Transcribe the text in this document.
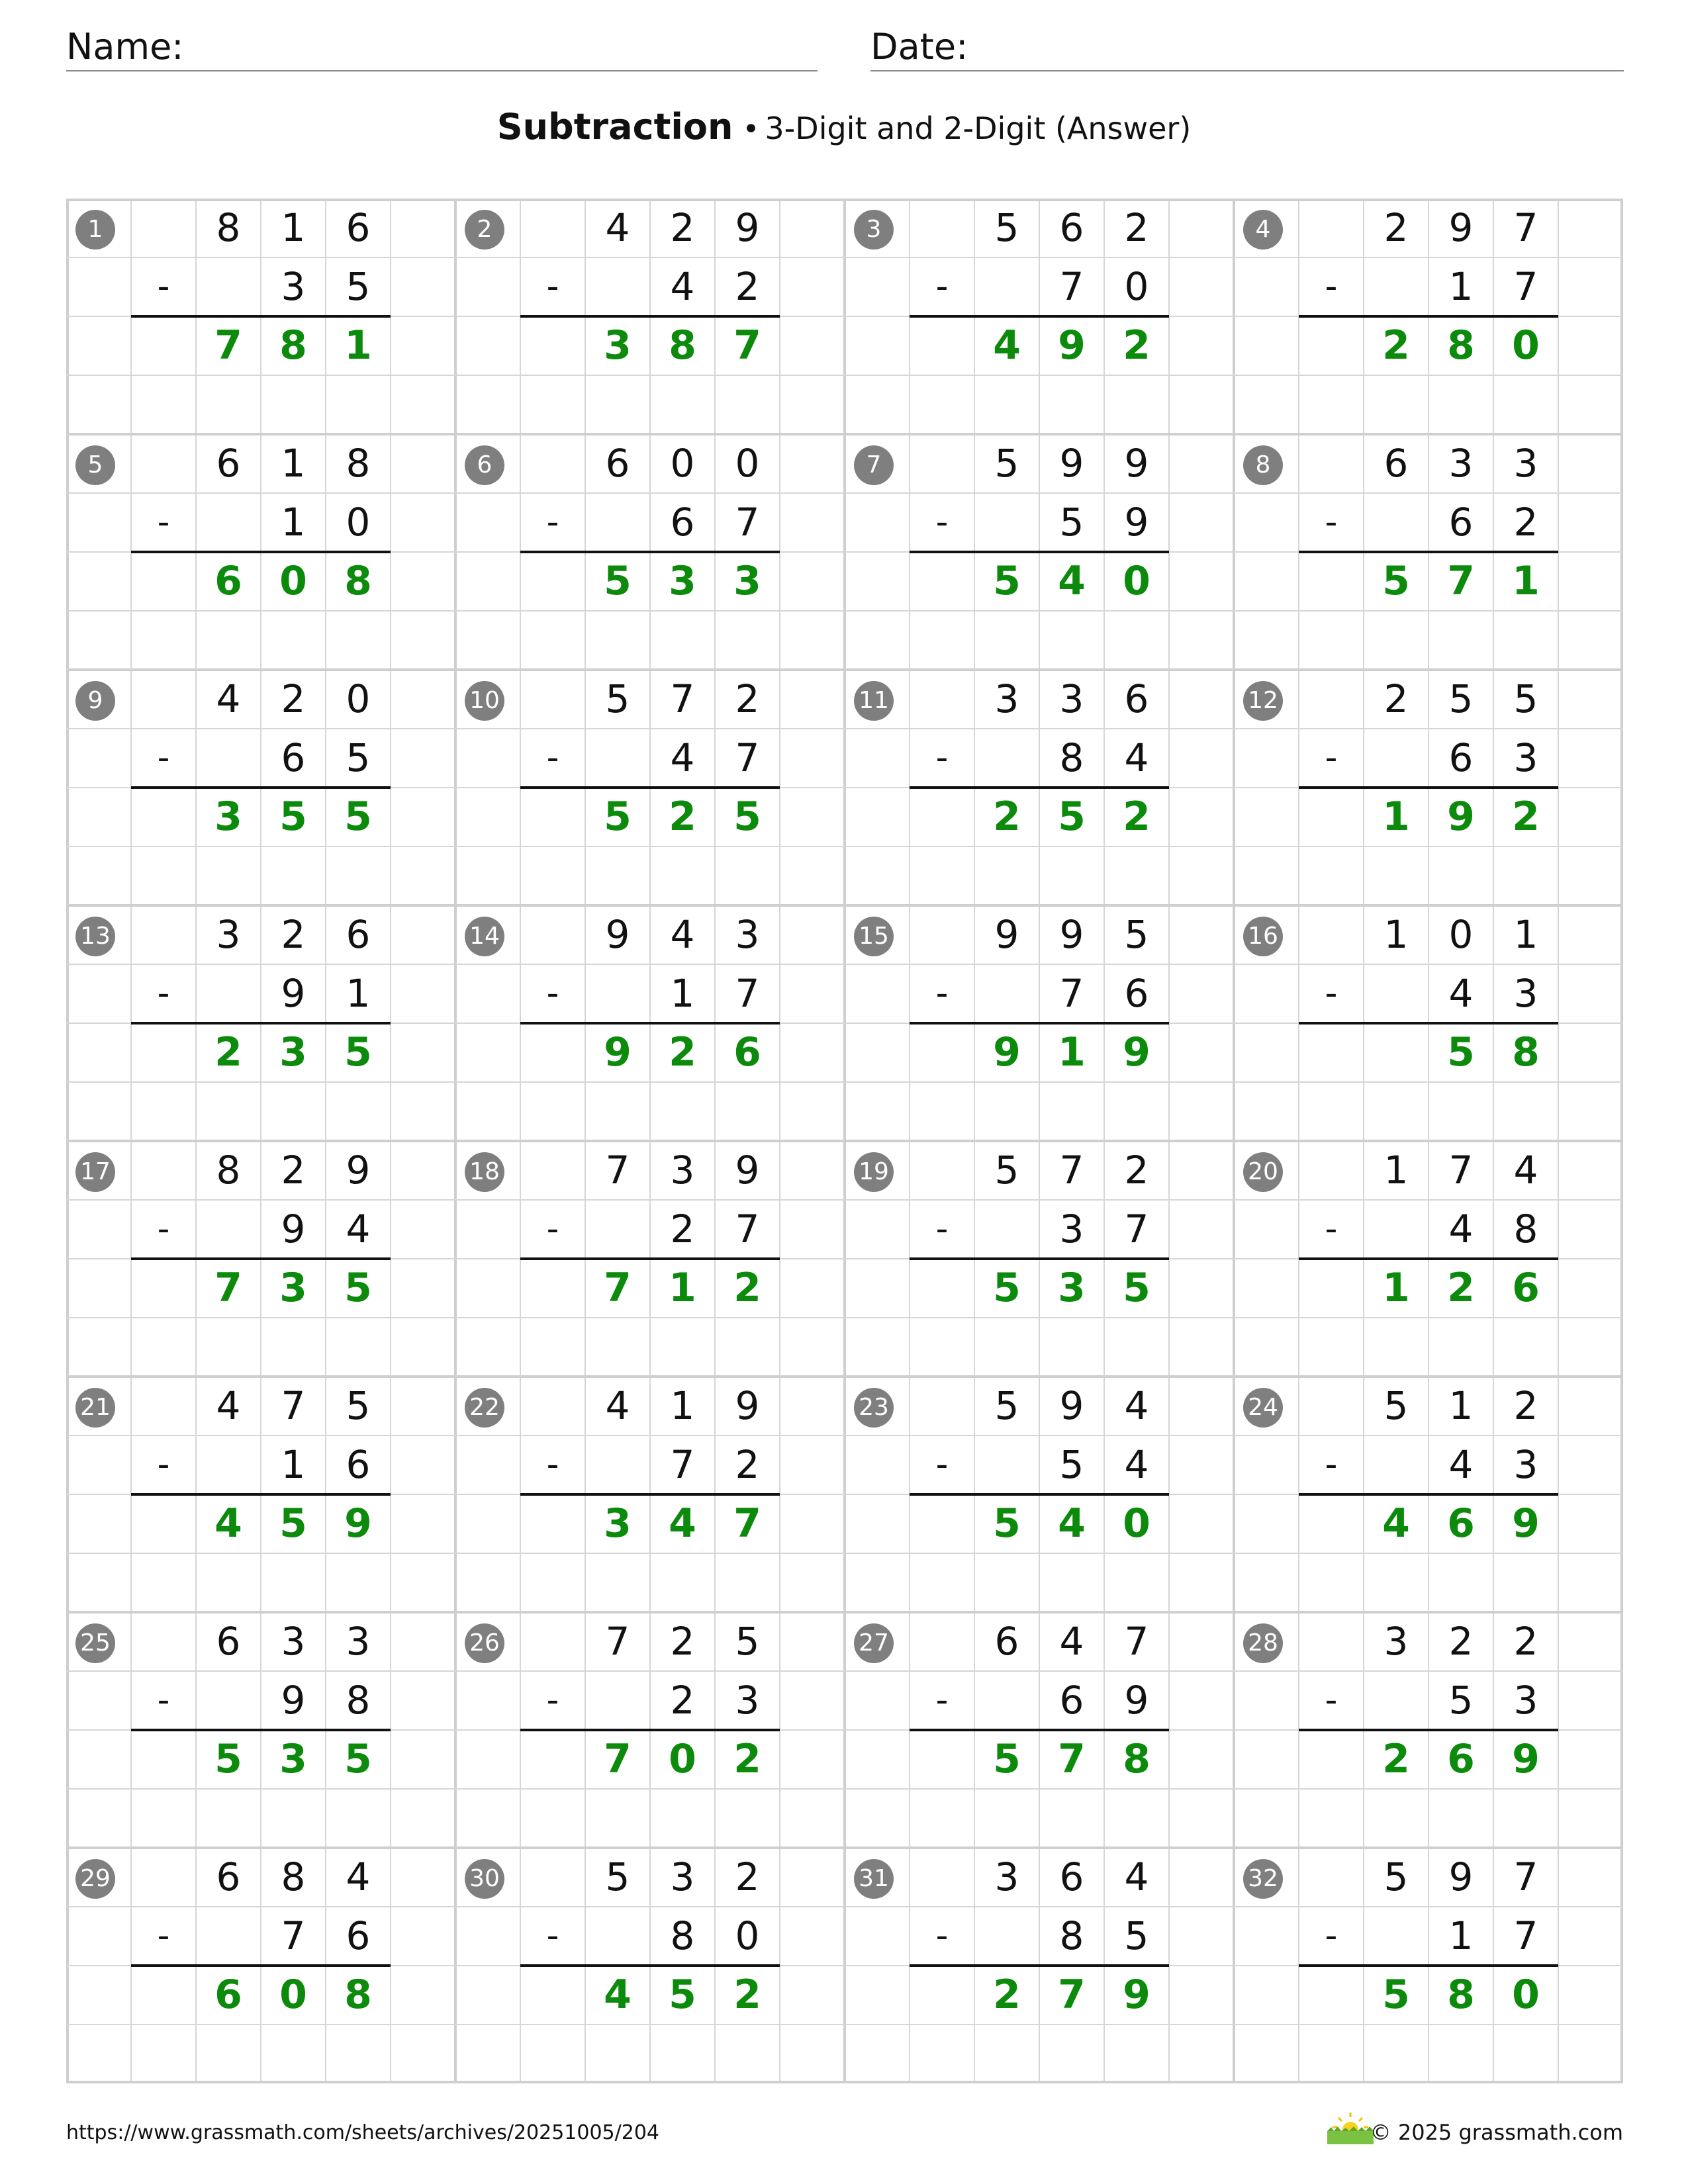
Name:	Date:
Subtraction • 3-Digit and 2-Digit (Answer)
1	8	1	6
-	3	5
7 8 1
2	4	2	9
-	4	2
3 8 7
3	5	6	2
-	7	0
4 9 2
4	2	9	7
-	1	7
2 8 0
5	6	1	8
-	1	0
6 0 8
6	6	0	0
-	6	7
5 3 3
7	5	9	9
-	5	9
5 4 0
8	6	3	3
-	6	2
5 7 1
9	4	2	0
-	6	5
3 5 5
10	5	7	2
-	4	7
5 2 5
11	3	3	6
-	8	4
2 5 2
12	2	5	5
-	6	3
1 9 2
13	3	2	6
-	9	1
2 3 5
14	9	4	3
-	1	7
9 2 6
15	9	9	5
-	7	6
9 1 9
16	1	0	1
-	4	3
5 8
17	8	2	9
-	9	4
7 3 5
18	7	3	9
-	2	7
7 1 2
19	5	7	2
-	3	7
5 3 5
20	1	7	4
-	4	8
1 2 6
21	4	7	5
-	1	6
4 5 9
22	4	1	9
-	7	2
3 4 7
23	5	9	4
-	5	4
5 4 0
24	5	1	2
-	4	3
4 6 9
25	6	3	3
-	9	8
5 3 5
26	7	2	5
-	2	3
7 0 2
27	6	4	7
-	6	9
5 7 8
28	3	2	2
-	5	3
2 6 9
29	6	8	4
-	7	6
6 0 8
30	5	3	2
-	8	0
4 5 2
31	3	6	4
-	8	5
2 7 9
32	5	9	7
-	1	7
5 8 0
https://www.grassmath.com/sheets/archives/20251005/204	© 2025 grassmath.com
